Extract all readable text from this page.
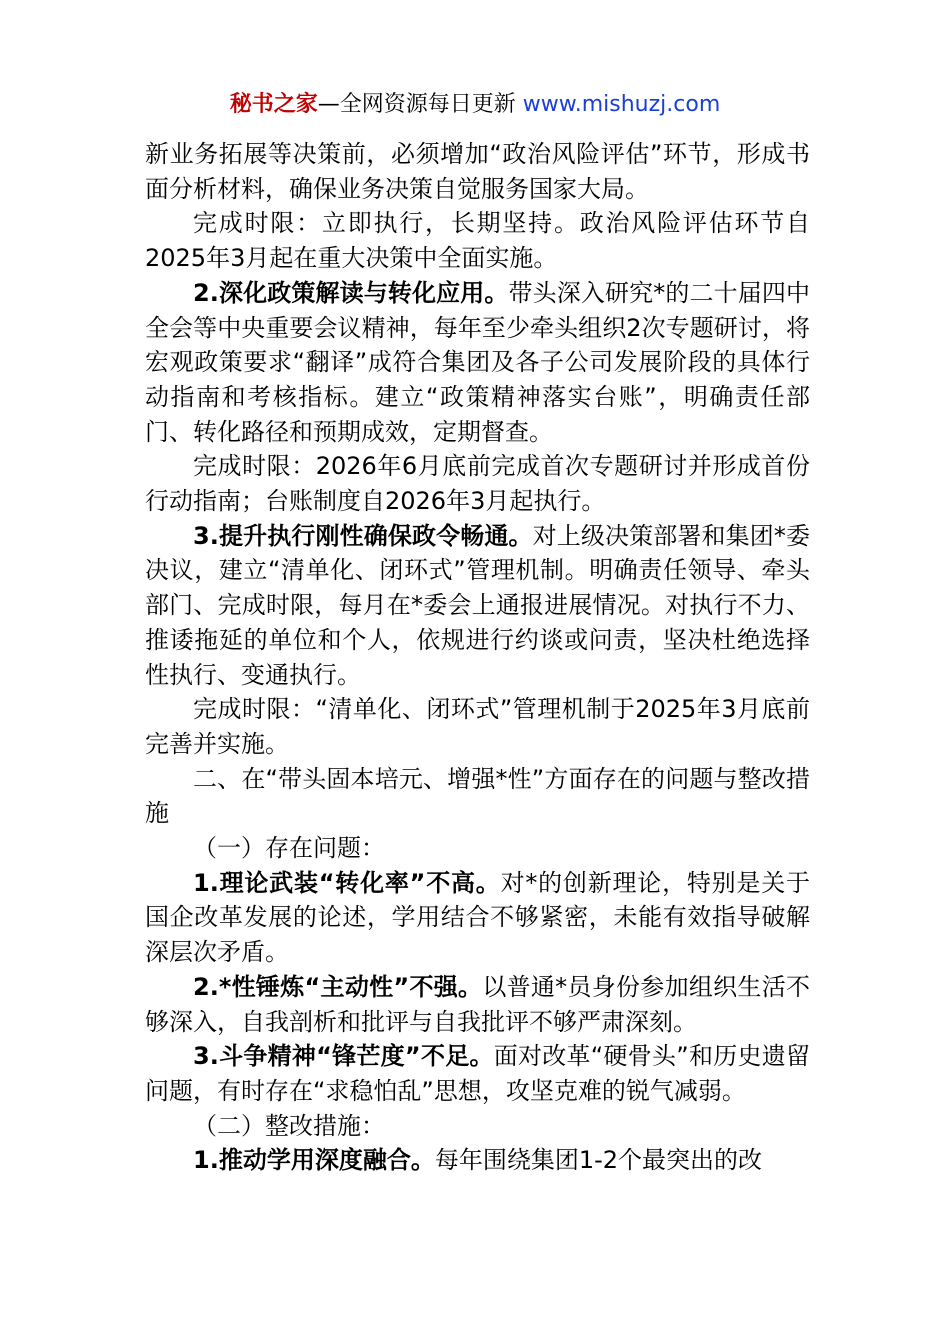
秘书之家—全网资源每日更新 www.mishuzj.com

新业务拓展等决策前，必须增加“政治风险评估”环节，形成书面分析材料，确保业务决策自觉服务国家大局。

完成时限：立即执行，长期坚持。政治风险评估环节自2025年3月起在重大决策中全面实施。

2.深化政策解读与转化应用。带头深入研究*的二十届四中全会等中央重要会议精神，每年至少牵头组织2次专题研讨，将宏观政策要求“翻译”成符合集团及各子公司发展阶段的具体行动指南和考核指标。建立“政策精神落实台账”，明确责任部门、转化路径和预期成效，定期督查。

完成时限：2026年6月底前完成首次专题研讨并形成首份行动指南；台账制度自2026年3月起执行。

3.提升执行刚性确保政令畅通。对上级决策部署和集团*委决议，建立“清单化、闭环式”管理机制。明确责任领导、牵头部门、完成时限，每月在*委会上通报进展情况。对执行不力、推诿拖延的单位和个人，依规进行约谈或问责，坚决杜绝选择性执行、变通执行。

完成时限：“清单化、闭环式”管理机制于2025年3月底前完善并实施。

二、在“带头固本培元、增强*性”方面存在的问题与整改措施

（一）存在问题：

1.理论武装“转化率”不高。对*的创新理论，特别是关于国企改革发展的论述，学用结合不够紧密，未能有效指导破解深层次矛盾。

2.*性锤炼“主动性”不强。以普通*员身份参加组织生活不够深入，自我剖析和批评与自我批评不够严肃深刻。

3.斗争精神“锋芒度”不足。面对改革“硬骨头”和历史遗留问题，有时存在“求稳怕乱”思想，攻坚克难的锐气减弱。

（二）整改措施：

1.推动学用深度融合。每年围绕集团1-2个最突出的改
